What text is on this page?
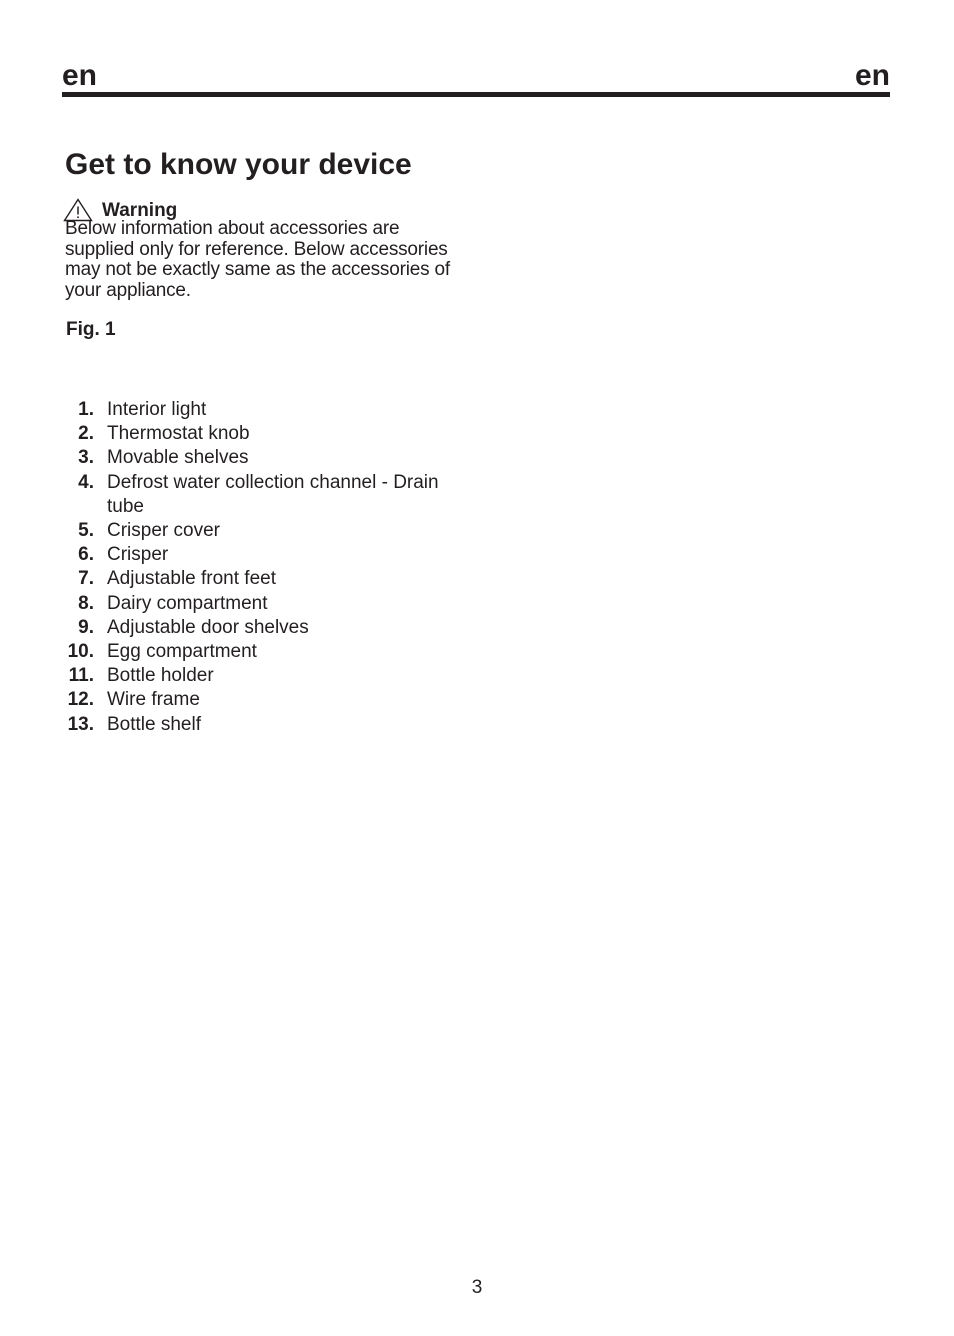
en	en
Get to know your device
Warning

Below information about accessories are supplied only for reference. Below accessories may not be exactly same as the accessories of your appliance.

Fig. 1
1. Interior light
2. Thermostat knob
3. Movable shelves
4. Defrost water collection channel - Drain tube
5. Crisper cover
6. Crisper
7. Adjustable front feet
8. Dairy compartment
9. Adjustable door shelves
10. Egg compartment
11. Bottle holder
12. Wire frame
13. Bottle shelf
3
